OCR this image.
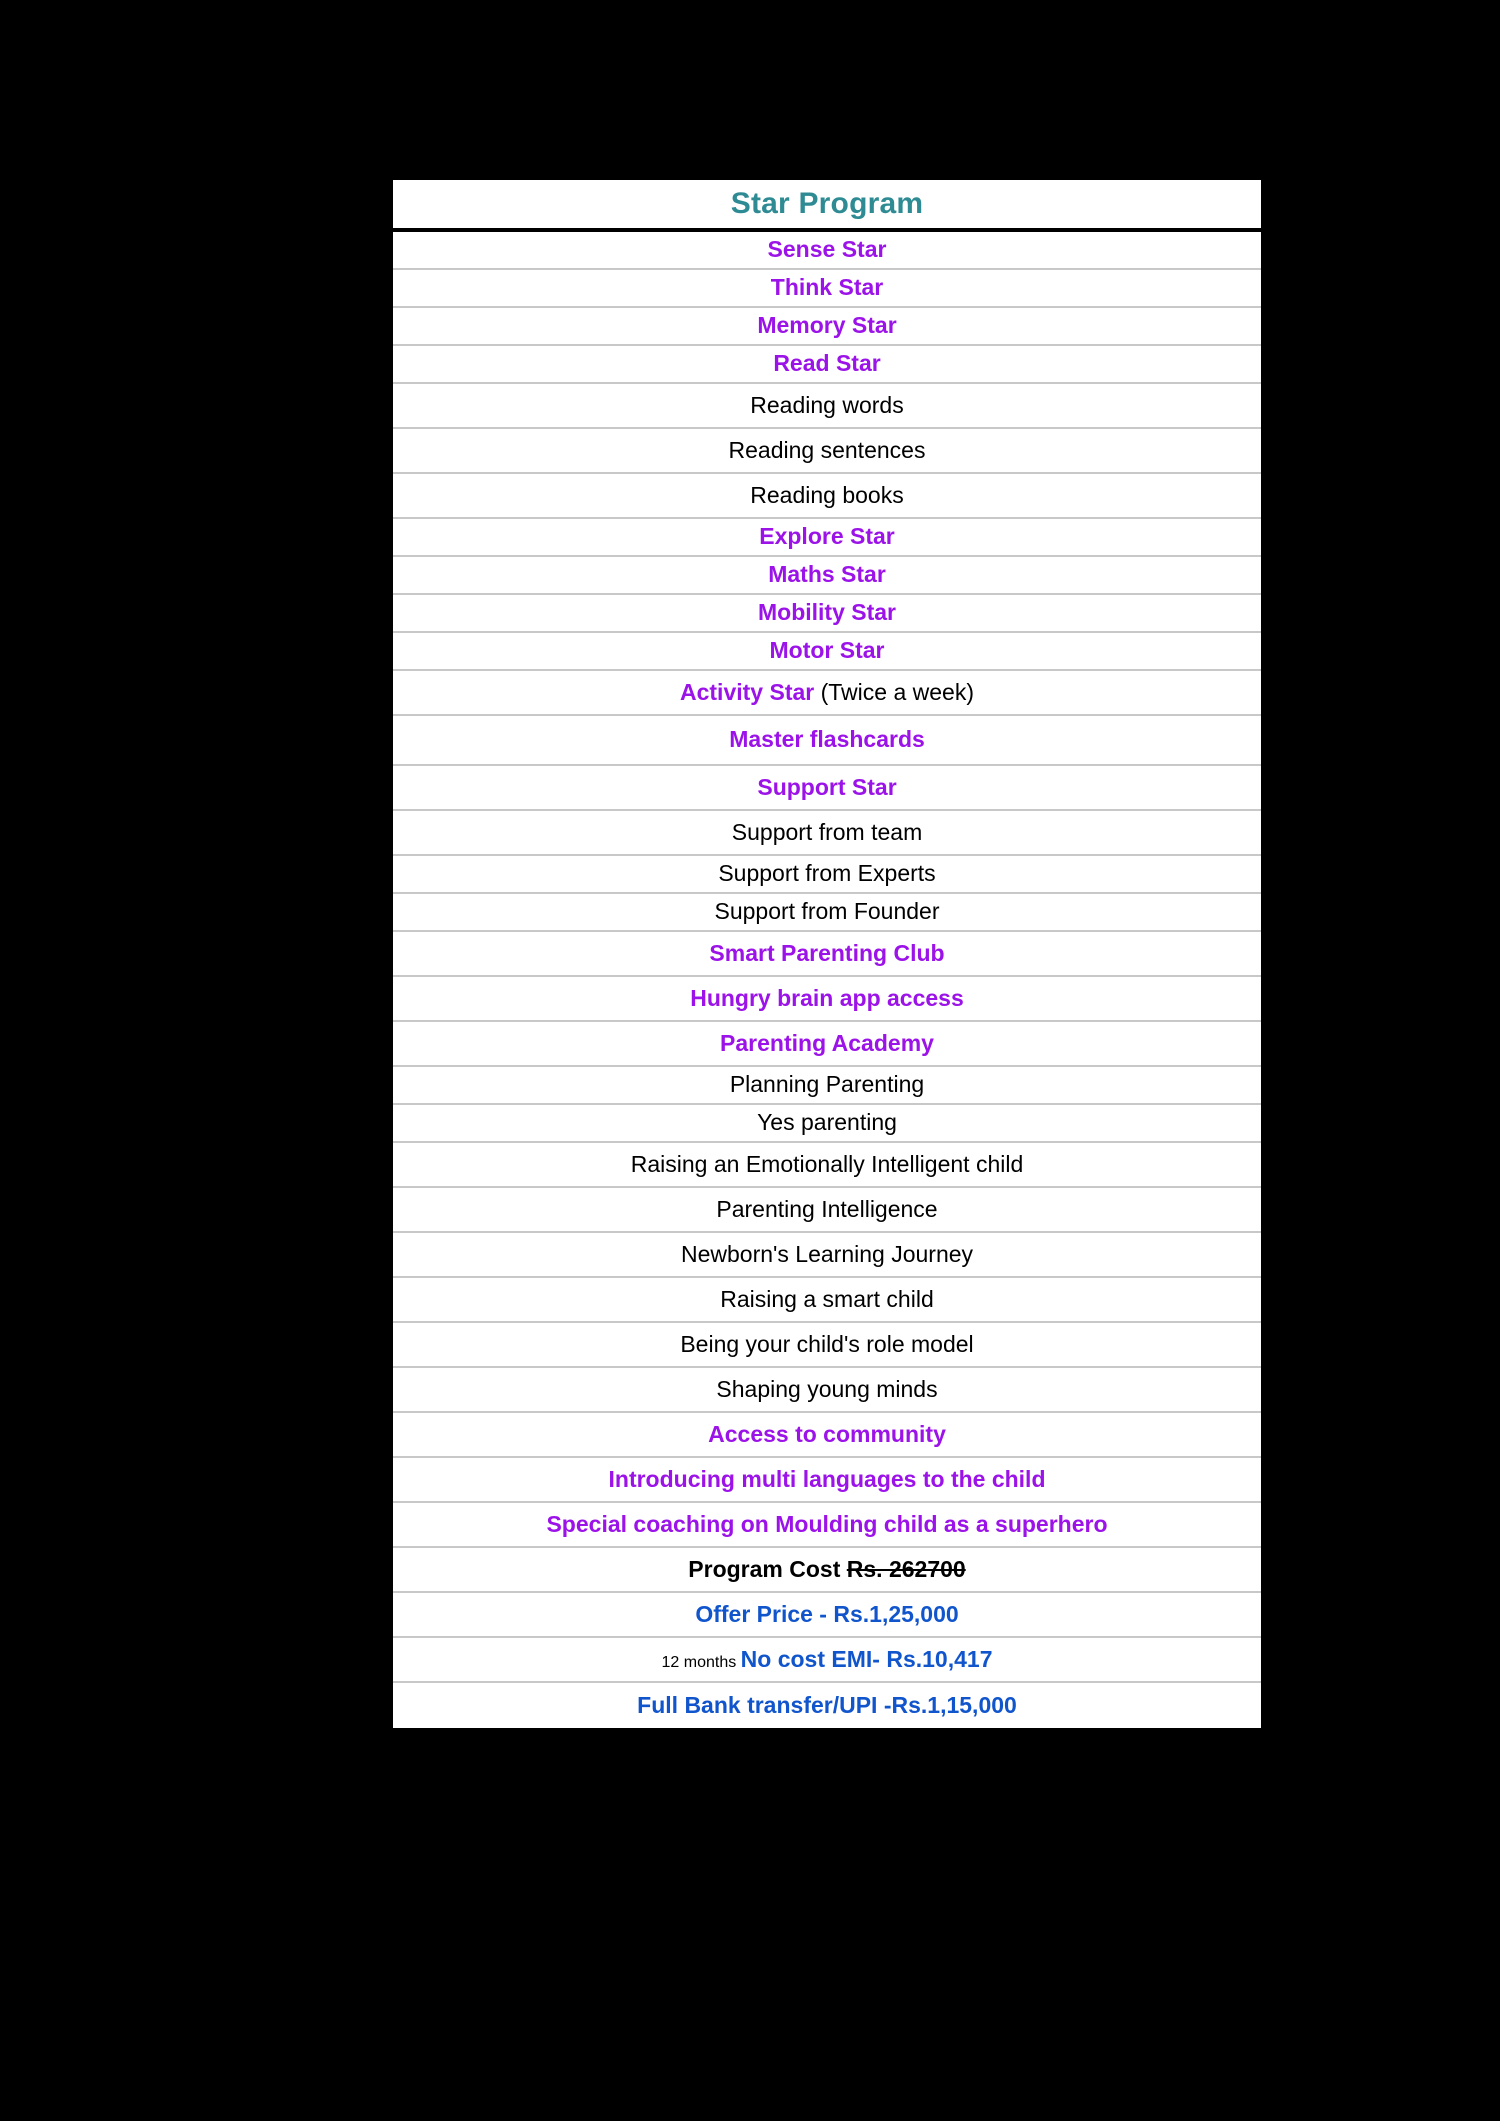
Star Program
Sense Star
Think Star
Memory Star
Read Star
Reading words
Reading sentences
Reading books
Explore Star
Maths Star
Mobility Star
Motor Star
Activity Star (Twice a week)
Master flashcards
Support Star
Support from team
Support from Experts
Support from Founder
Smart Parenting Club
Hungry brain app access
Parenting Academy
Planning Parenting
Yes parenting
Raising an Emotionally Intelligent child
Parenting Intelligence
Newborn's Learning Journey
Raising a smart child
Being your child's role model
Shaping young minds
Access to community
Introducing multi languages to the child
Special coaching on Moulding child as a superhero
Program Cost Rs. 262700
Offer Price - Rs.1,25,000
12 months No cost EMI- Rs.10,417
Full Bank transfer/UPI -Rs.1,15,000
